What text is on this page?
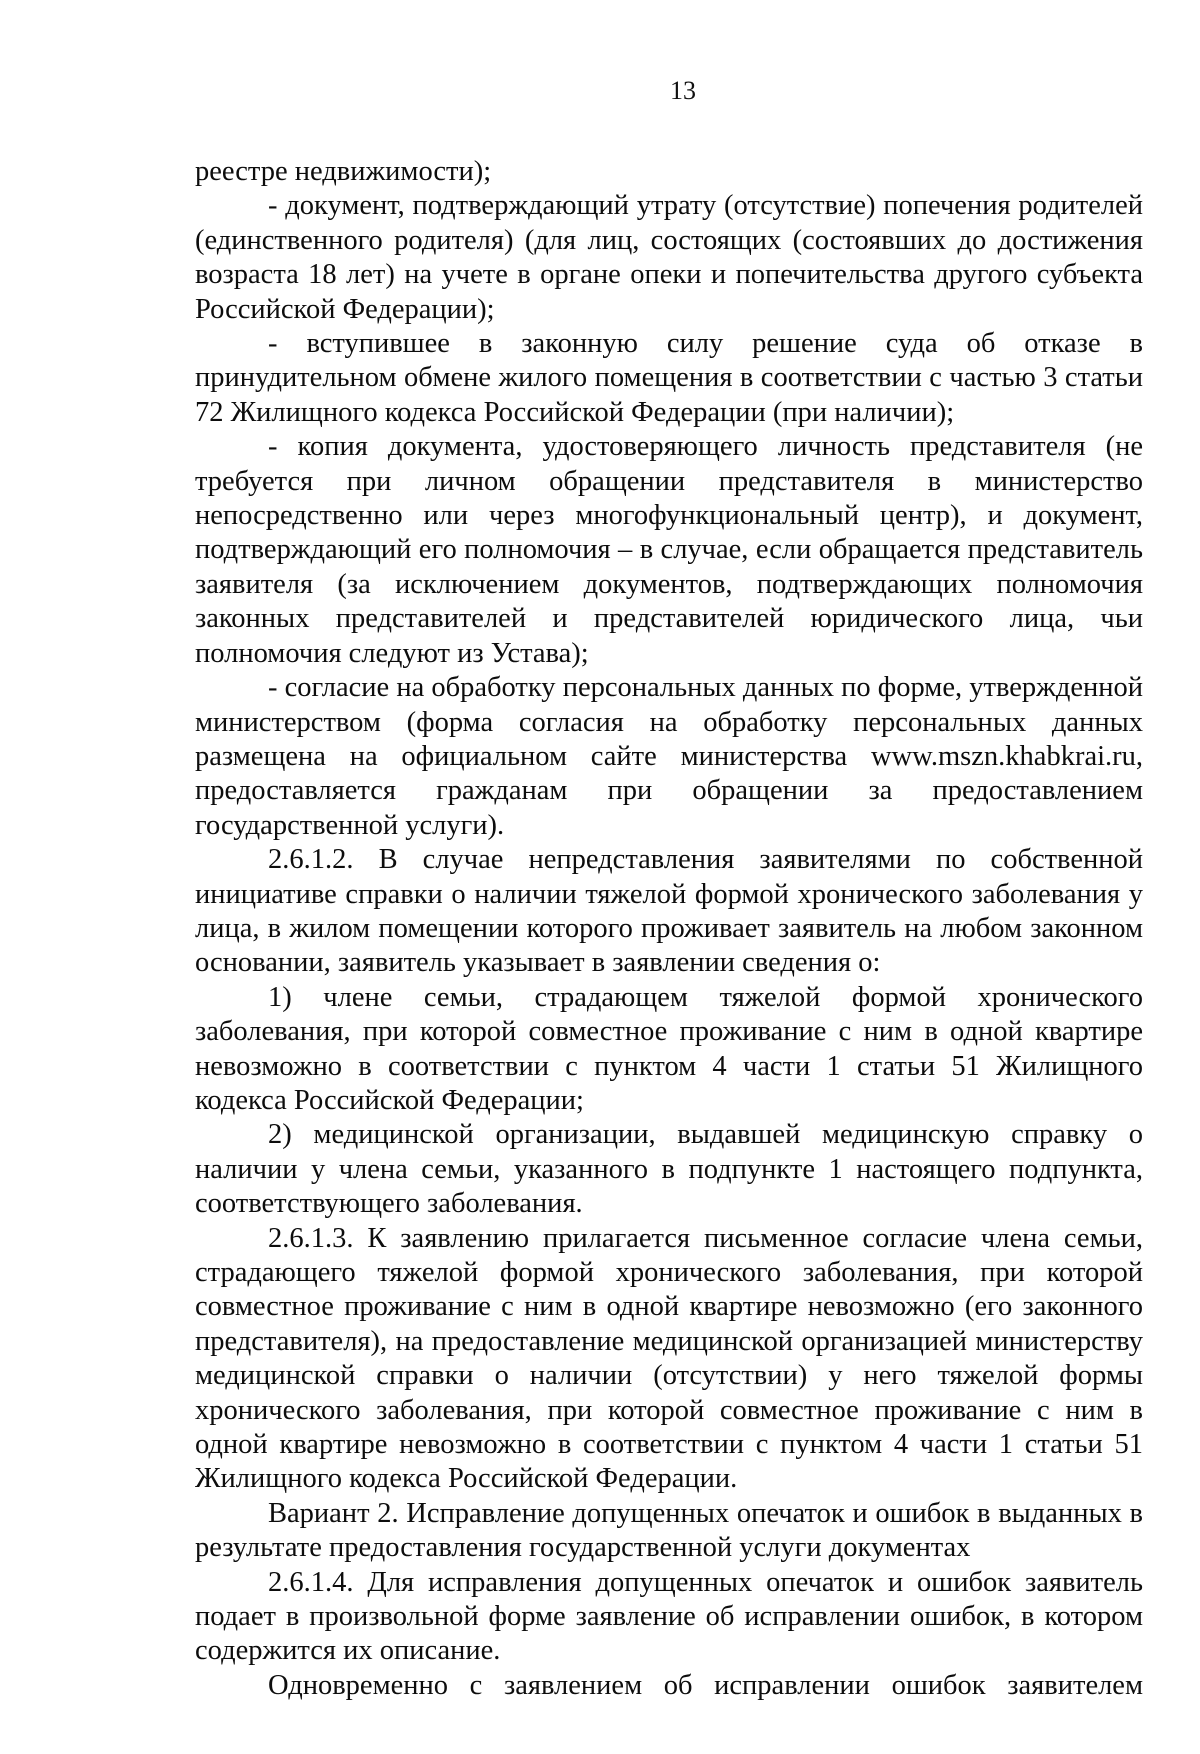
13

реестре недвижимости);

- документ, подтверждающий утрату (отсутствие) попечения родителей (единственного родителя) (для лиц, состоящих (состоявших до достижения возраста 18 лет) на учете в органе опеки и попечительства другого субъекта Российской Федерации);

- вступившее в законную силу решение суда об отказе в принудительном обмене жилого помещения в соответствии с частью 3 статьи 72 Жилищного кодекса Российской Федерации (при наличии);

- копия документа, удостоверяющего личность представителя (не требуется при личном обращении представителя в министерство непосредственно или через многофункциональный центр), и документ, подтверждающий его полномочия – в случае, если обращается представитель заявителя (за исключением документов, подтверждающих полномочия законных представителей и представителей юридического лица, чьи полномочия следуют из Устава);

- согласие на обработку персональных данных по форме, утвержденной министерством (форма согласия на обработку персональных данных размещена на официальном сайте министерства www.mszn.khabkrai.ru, предоставляется гражданам при обращении за предоставлением государственной услуги).

2.6.1.2. В случае непредставления заявителями по собственной инициативе справки о наличии тяжелой формой хронического заболевания у лица, в жилом помещении которого проживает заявитель на любом законном основании, заявитель указывает в заявлении сведения о:

1) члене семьи, страдающем тяжелой формой хронического заболевания, при которой совместное проживание с ним в одной квартире невозможно в соответствии с пунктом 4 части 1 статьи 51 Жилищного кодекса Российской Федерации;

2) медицинской организации, выдавшей медицинскую справку о наличии у члена семьи, указанного в подпункте 1 настоящего подпункта, соответствующего заболевания.

2.6.1.3. К заявлению прилагается письменное согласие члена семьи, страдающего тяжелой формой хронического заболевания, при которой совместное проживание с ним в одной квартире невозможно (его законного представителя), на предоставление медицинской организацией министерству медицинской справки о наличии (отсутствии) у него тяжелой формы хронического заболевания, при которой совместное проживание с ним в одной квартире невозможно в соответствии с пунктом 4 части 1 статьи 51 Жилищного кодекса Российской Федерации.

Вариант 2. Исправление допущенных опечаток и ошибок в выданных в результате предоставления государственной услуги документах

2.6.1.4. Для исправления допущенных опечаток и ошибок заявитель подает в произвольной форме заявление об исправлении ошибок, в котором содержится их описание.

Одновременно с заявлением об исправлении ошибок заявителем
